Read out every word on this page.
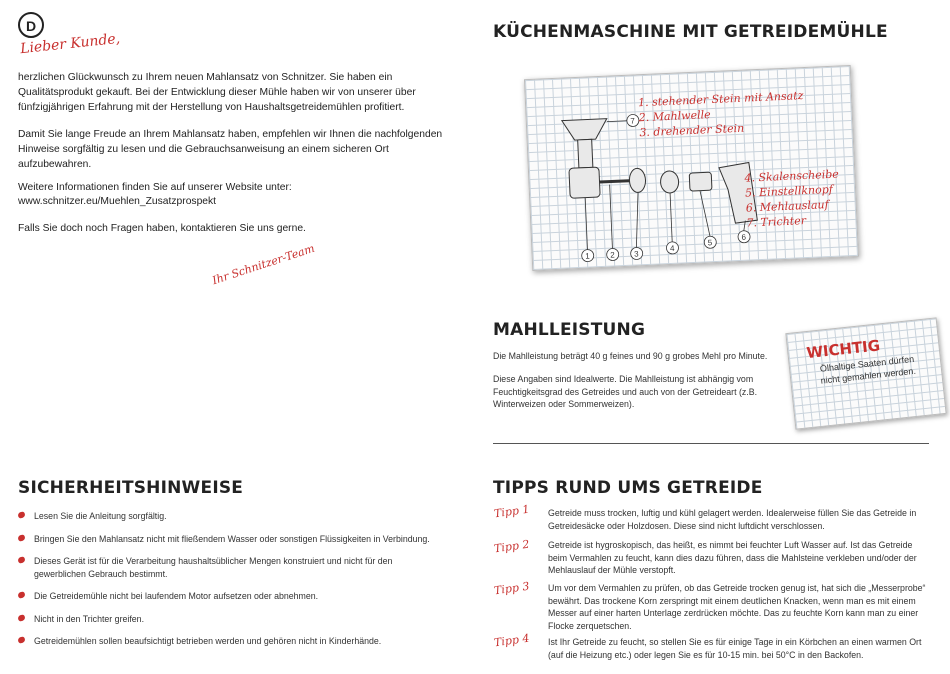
D
Lieber Kunde,
herzlichen Glückwunsch zu Ihrem neuen Mahlansatz von Schnitzer. Sie haben ein Qualitätsprodukt gekauft. Bei der Entwicklung dieser Mühle haben wir von unserer über fünfzigjährigen Erfahrung mit der Herstellung von Haushaltsgetreidemühlen profitiert.
Damit Sie lange Freude an Ihrem Mahlansatz haben, empfehlen wir Ihnen die nachfolgenden Hinweise sorgfältig zu lesen und die Gebrauchsanweisung an einem sicheren Ort aufzubewahren.
Weitere Informationen finden Sie auf unserer Website unter:
www.schnitzer.eu/Muehlen_Zusatzprospekt
Falls Sie doch noch Fragen haben, kontaktieren Sie uns gerne.
Ihr Schnitzer-Team
SICHERHEITSHINWEISE
Lesen Sie die Anleitung sorgfältig.
Bringen Sie den Mahlansatz nicht mit fließendem Wasser oder sonstigen Flüssigkeiten in Verbindung.
Dieses Gerät ist für die Verarbeitung haushaltsüblicher Mengen konstruiert und nicht für den gewerblichen Gebrauch bestimmt.
Die Getreidemühle nicht bei laufendem Motor aufsetzen oder abnehmen.
Nicht in den Trichter greifen.
Getreidemühlen sollen beaufsichtigt betrieben werden und gehören nicht in Kinderhände.
KÜCHENMASCHINE MIT GETREIDEMÜHLE
1	2 3
4
5
6
7
1. stehender Stein mit Ansatz
2. Mahlwelle
3. drehender Stein
4. Skalenscheibe
5. Einstellknopf
6. Mehlauslauf
7. Trichter
MAHLLEISTUNG
Die Mahlleistung beträgt 40 g feines und 90 g grobes Mehl pro Minute.
Diese Angaben sind Idealwerte. Die Mahlleistung ist abhängig vom Feuchtigkeitsgrad des Getreides und auch von der Getreideart (z.B. Winterweizen oder Sommerweizen).
WICHTIG
Ölhaltige Saaten dürfen nicht gemahlen werden.
TIPPS RUND UMS GETREIDE
Tipp 1 Getreide muss trocken, luftig und kühl gelagert werden. Idealerweise füllen Sie das Getreide in Getreidesäcke oder Holzdosen. Diese sind nicht luftdicht verschlossen.
Tipp 2 Getreide ist hygroskopisch, das heißt, es nimmt bei feuchter Luft Wasser auf. Ist das Getreide beim Vermahlen zu feucht, kann dies dazu führen, dass die Mahlsteine verkleben und/oder der Mehlauslauf der Mühle verstopft.
Tipp 3 Um vor dem Vermahlen zu prüfen, ob das Getreide trocken genug ist, hat sich die „Messerprobe“ bewährt. Das trockene Korn zerspringt mit einem deutlichen Knacken, wenn man es mit einem Messer auf einer harten Unterlage zerdrücken möchte. Das zu feuchte Korn kann man zu einer Flocke zerquetschen.
Tipp 4 Ist Ihr Getreide zu feucht, so stellen Sie es für einige Tage in ein Körbchen an einen warmen Ort (auf die Heizung etc.) oder legen Sie es für 10-15 min. bei 50°C in den Backofen.
